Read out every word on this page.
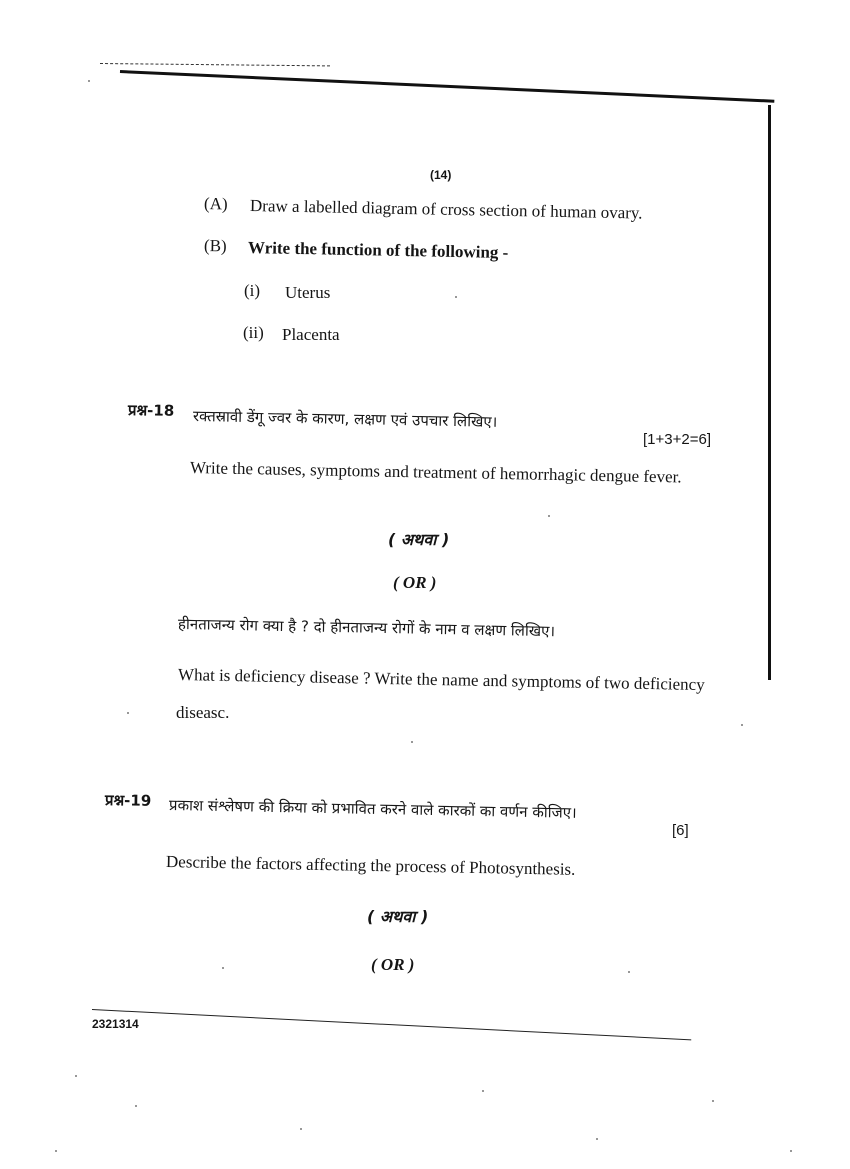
(14)
(A) Draw a labelled diagram of cross section of human ovary.
(B) Write the function of the following -
(i) Uterus
(ii) Placenta
प्रश्न-18 रक्तस्रावी डेंगू ज्वर के कारण, लक्षण एवं उपचार लिखिए।
[1+3+2=6]
Write the causes, symptoms and treatment of hemorrhagic dengue fever.
( अथवा )
( OR )
हीनताजन्य रोग क्या है ? दो हीनताजन्य रोगों के नाम व लक्षण लिखिए।
What is deficiency disease ? Write the name and symptoms of two deficiency
diseasc.
प्रश्न-19 प्रकाश संश्लेषण की क्रिया को प्रभावित करने वाले कारकों का वर्णन कीजिए।
[6]
Describe the factors affecting the process of Photosynthesis.
( अथवा )
( OR )
2321314
